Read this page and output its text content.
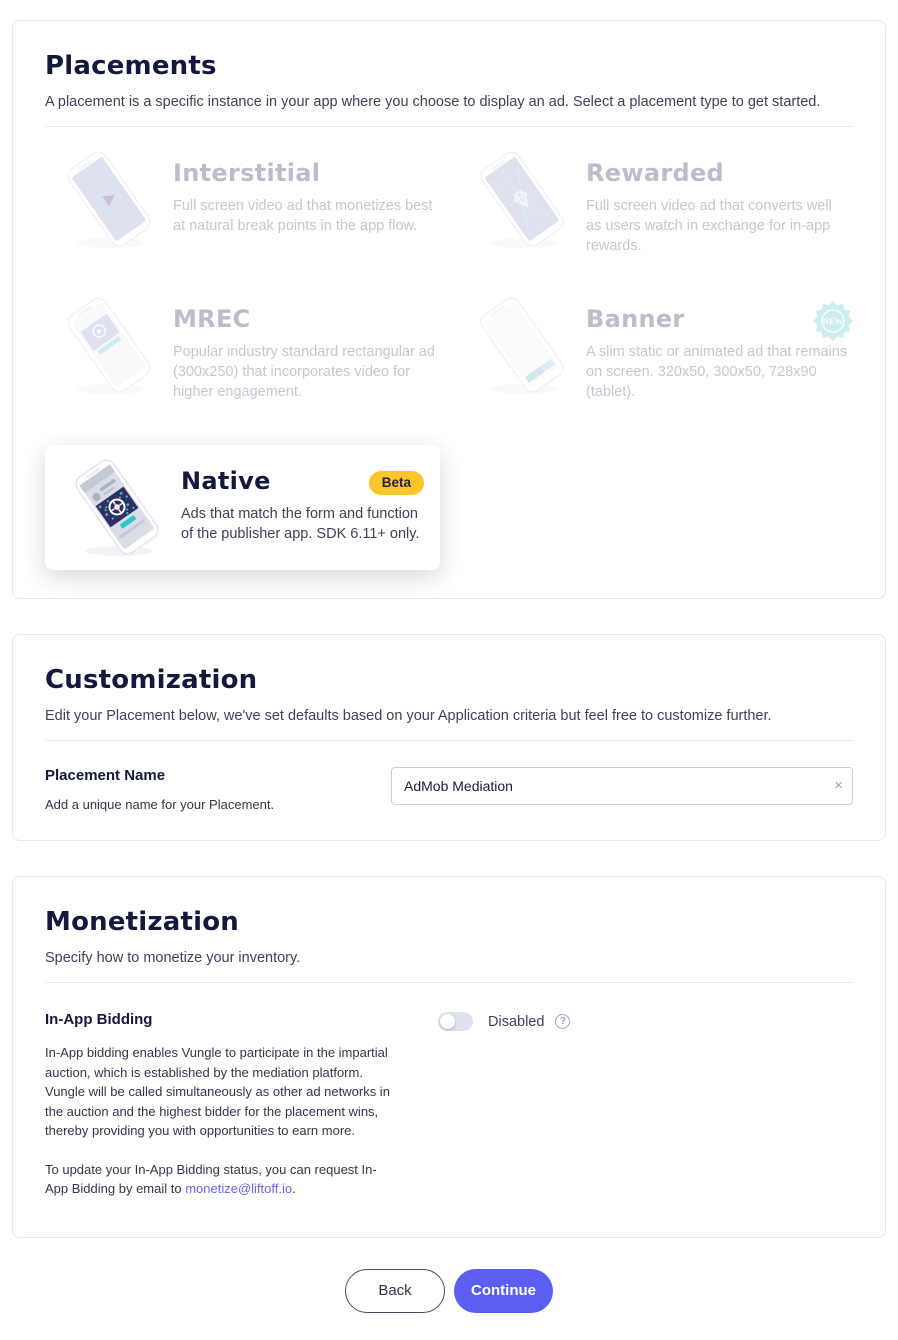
Placements

A placement is a specific instance in your app where you choose to display an ad. Select a placement type to get started.

Interstitial
Full screen video ad that monetizes best at natural break points in the app flow.
Rewarded
Full screen video ad that converts well as users watch in exchange for in-app rewards.
MREC
Popular industry standard rectangular ad (300x250) that incorporates video for higher engagement.
Banner	NEW
A slim static or animated ad that remains on screen. 320x50, 300x50, 728x90 (tablet).
Native	Beta
Ads that match the form and function of the publisher app. SDK 6.11+ only.
Customization

Edit your Placement below, we've set defaults based on your Application criteria but feel free to customize further.

Placement Name
Add a unique name for your Placement.
AdMob Mediation
×
Monetization

Specify how to monetize your inventory.

In-App Bidding

In-App bidding enables Vungle to participate in the impartial auction, which is established by the mediation platform. Vungle will be called simultaneously as other ad networks in the auction and the highest bidder for the placement wins, thereby providing you with opportunities to earn more.

To update your In-App Bidding status, you can request In-App Bidding by email to monetize@liftoff.io.

Disabled	?
Back	Continue
